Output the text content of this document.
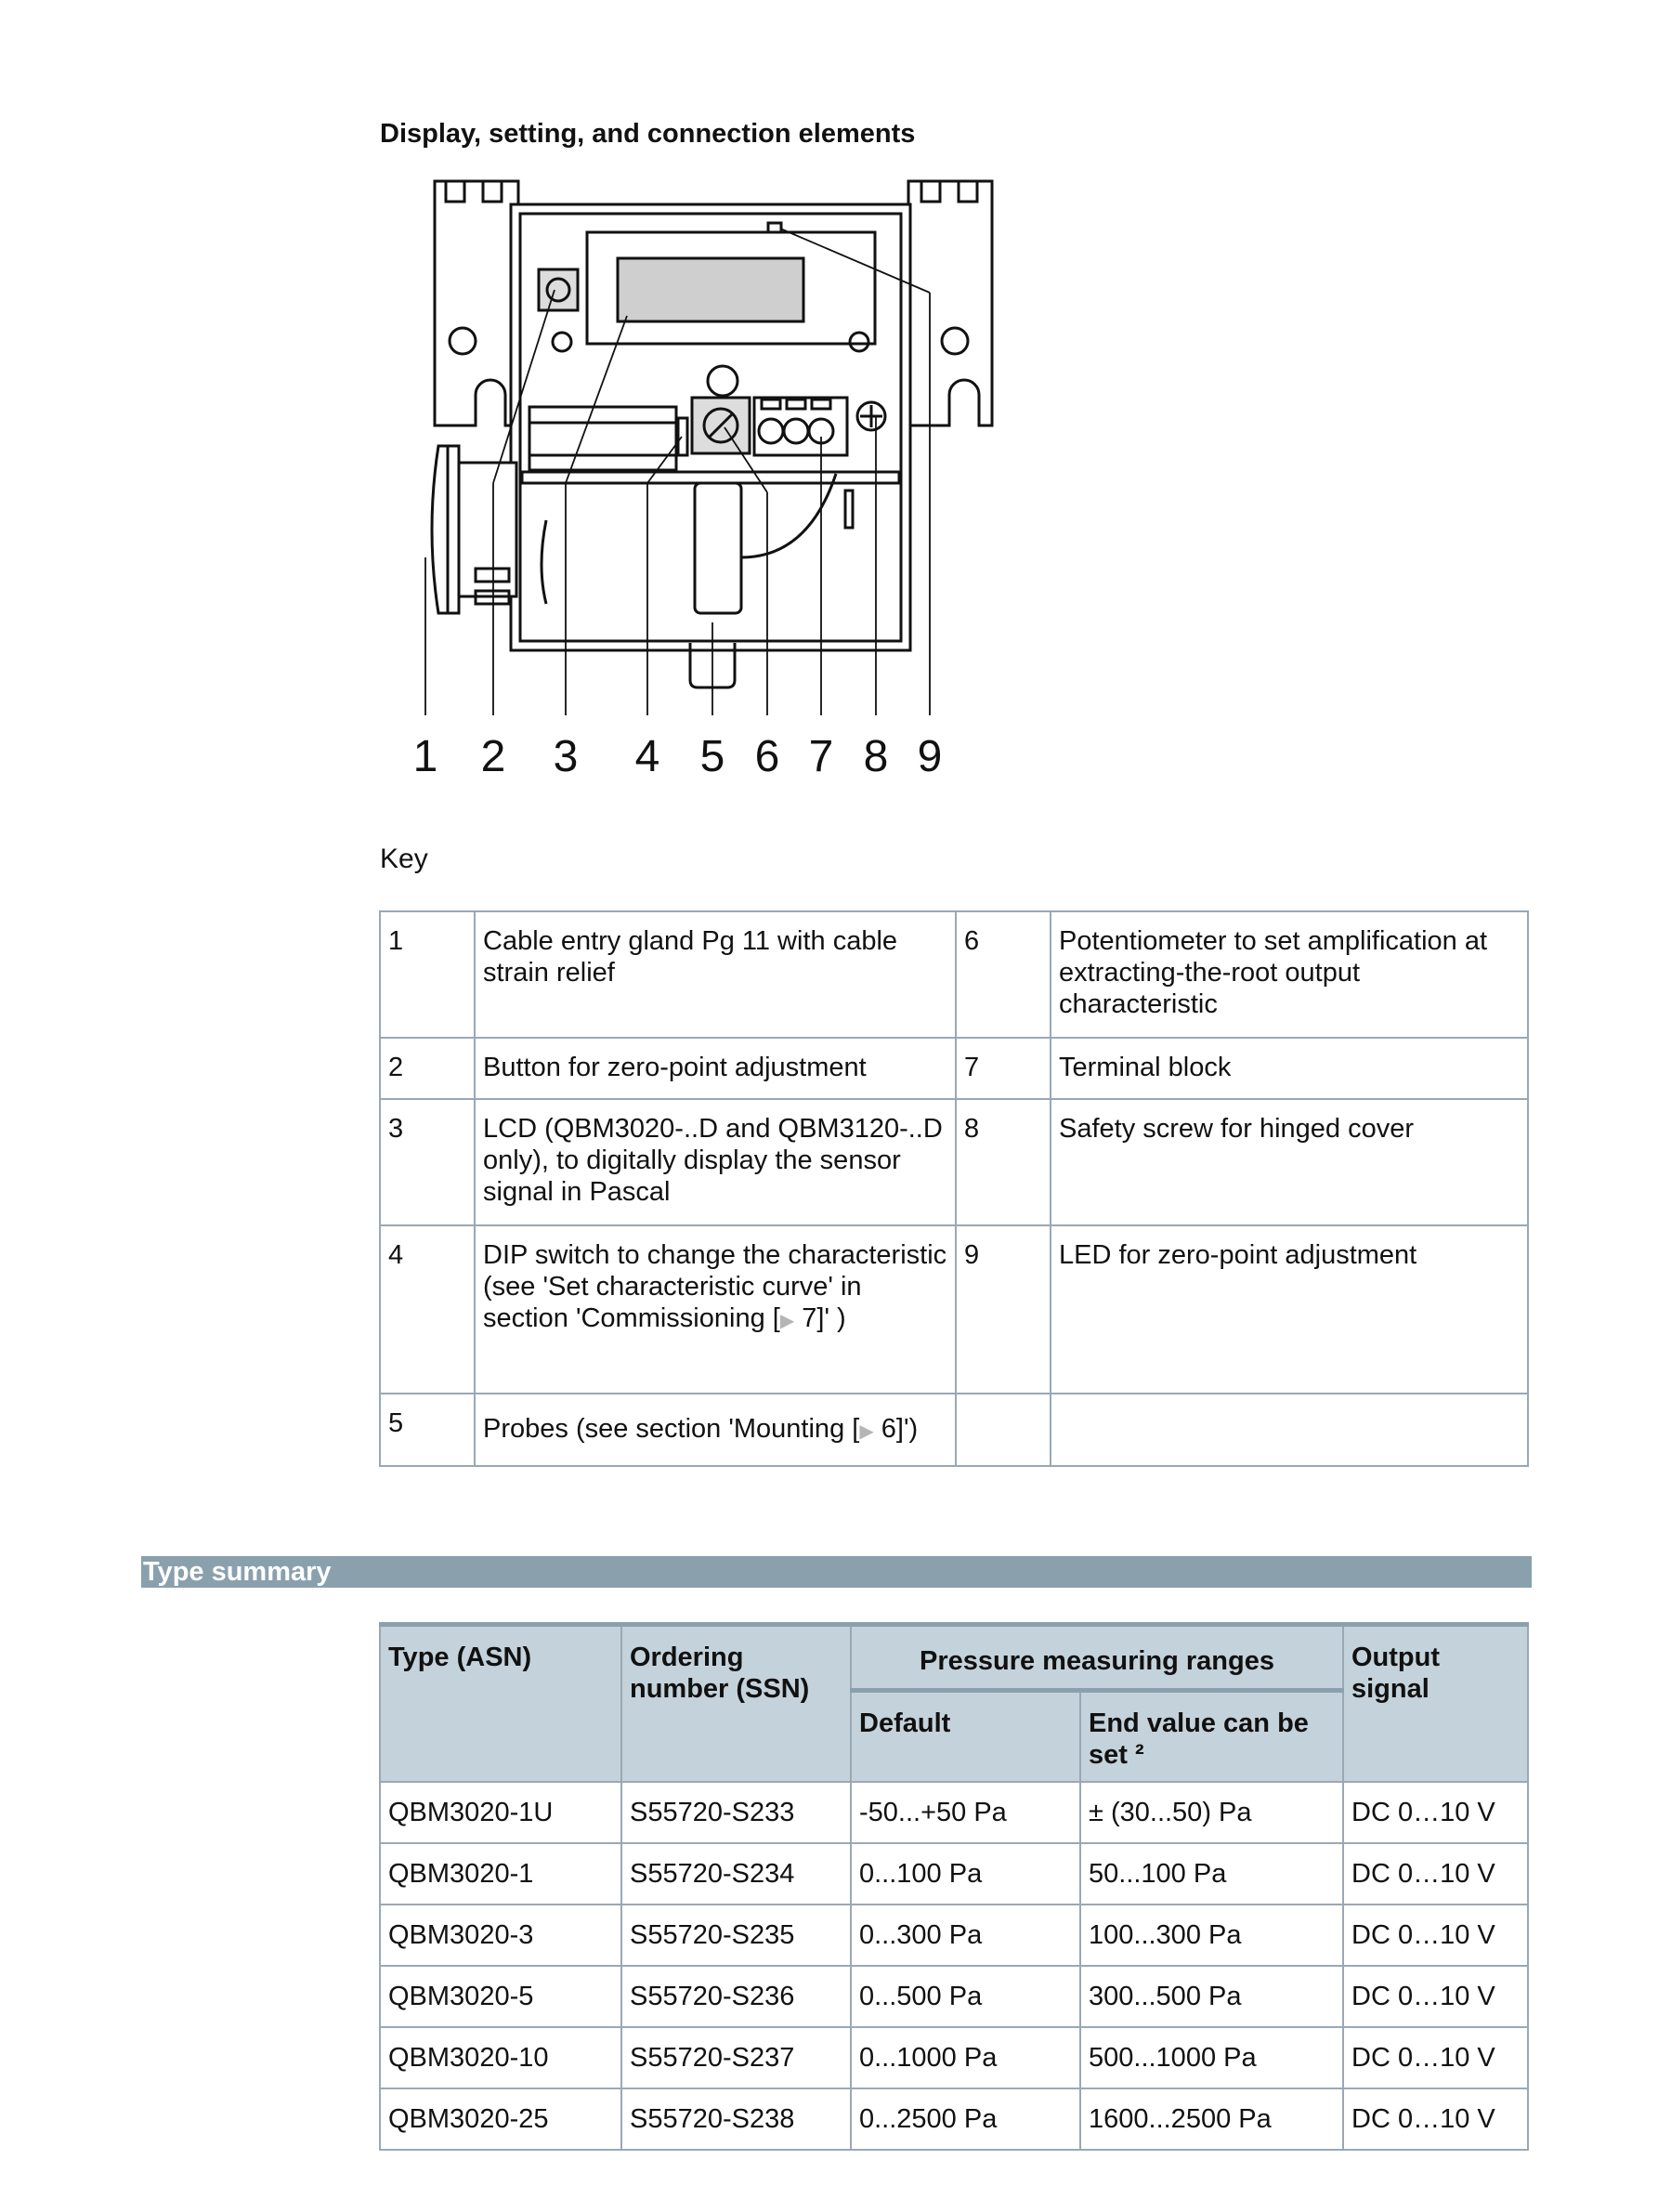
Display, setting, and connection elements
1 2 3 4 5 6 7 8 9
Key
1	Cable entry gland Pg 11 with cable strain relief	6	Potentiometer to set amplification at extracting-the-root output characteristic
2	Button for zero-point adjustment	7	Terminal block
3	LCD (QBM3020-..D and QBM3120-..D only), to digitally display the sensor signal in Pascal	8	Safety screw for hinged cover
4	DIP switch to change the characteristic (see 'Set characteristic curve' in section 'Commissioning [▶ 7]' )	9	LED for zero-point adjustment
5	Probes (see section 'Mounting [▶ 6]')		
Type summary
Type (ASN)	Ordering number (SSN)	Pressure measuring ranges		Output signal
		Default	End value can be set ²	
QBM3020-1U	S55720-S233	-50...+50 Pa	± (30...50) Pa	DC 0…10 V
QBM3020-1	S55720-S234	0...100 Pa	50...100 Pa	DC 0…10 V
QBM3020-3	S55720-S235	0...300 Pa	100...300 Pa	DC 0…10 V
QBM3020-5	S55720-S236	0...500 Pa	300...500 Pa	DC 0…10 V
QBM3020-10	S55720-S237	0...1000 Pa	500...1000 Pa	DC 0…10 V
QBM3020-25	S55720-S238	0...2500 Pa	1600...2500 Pa	DC 0…10 V
